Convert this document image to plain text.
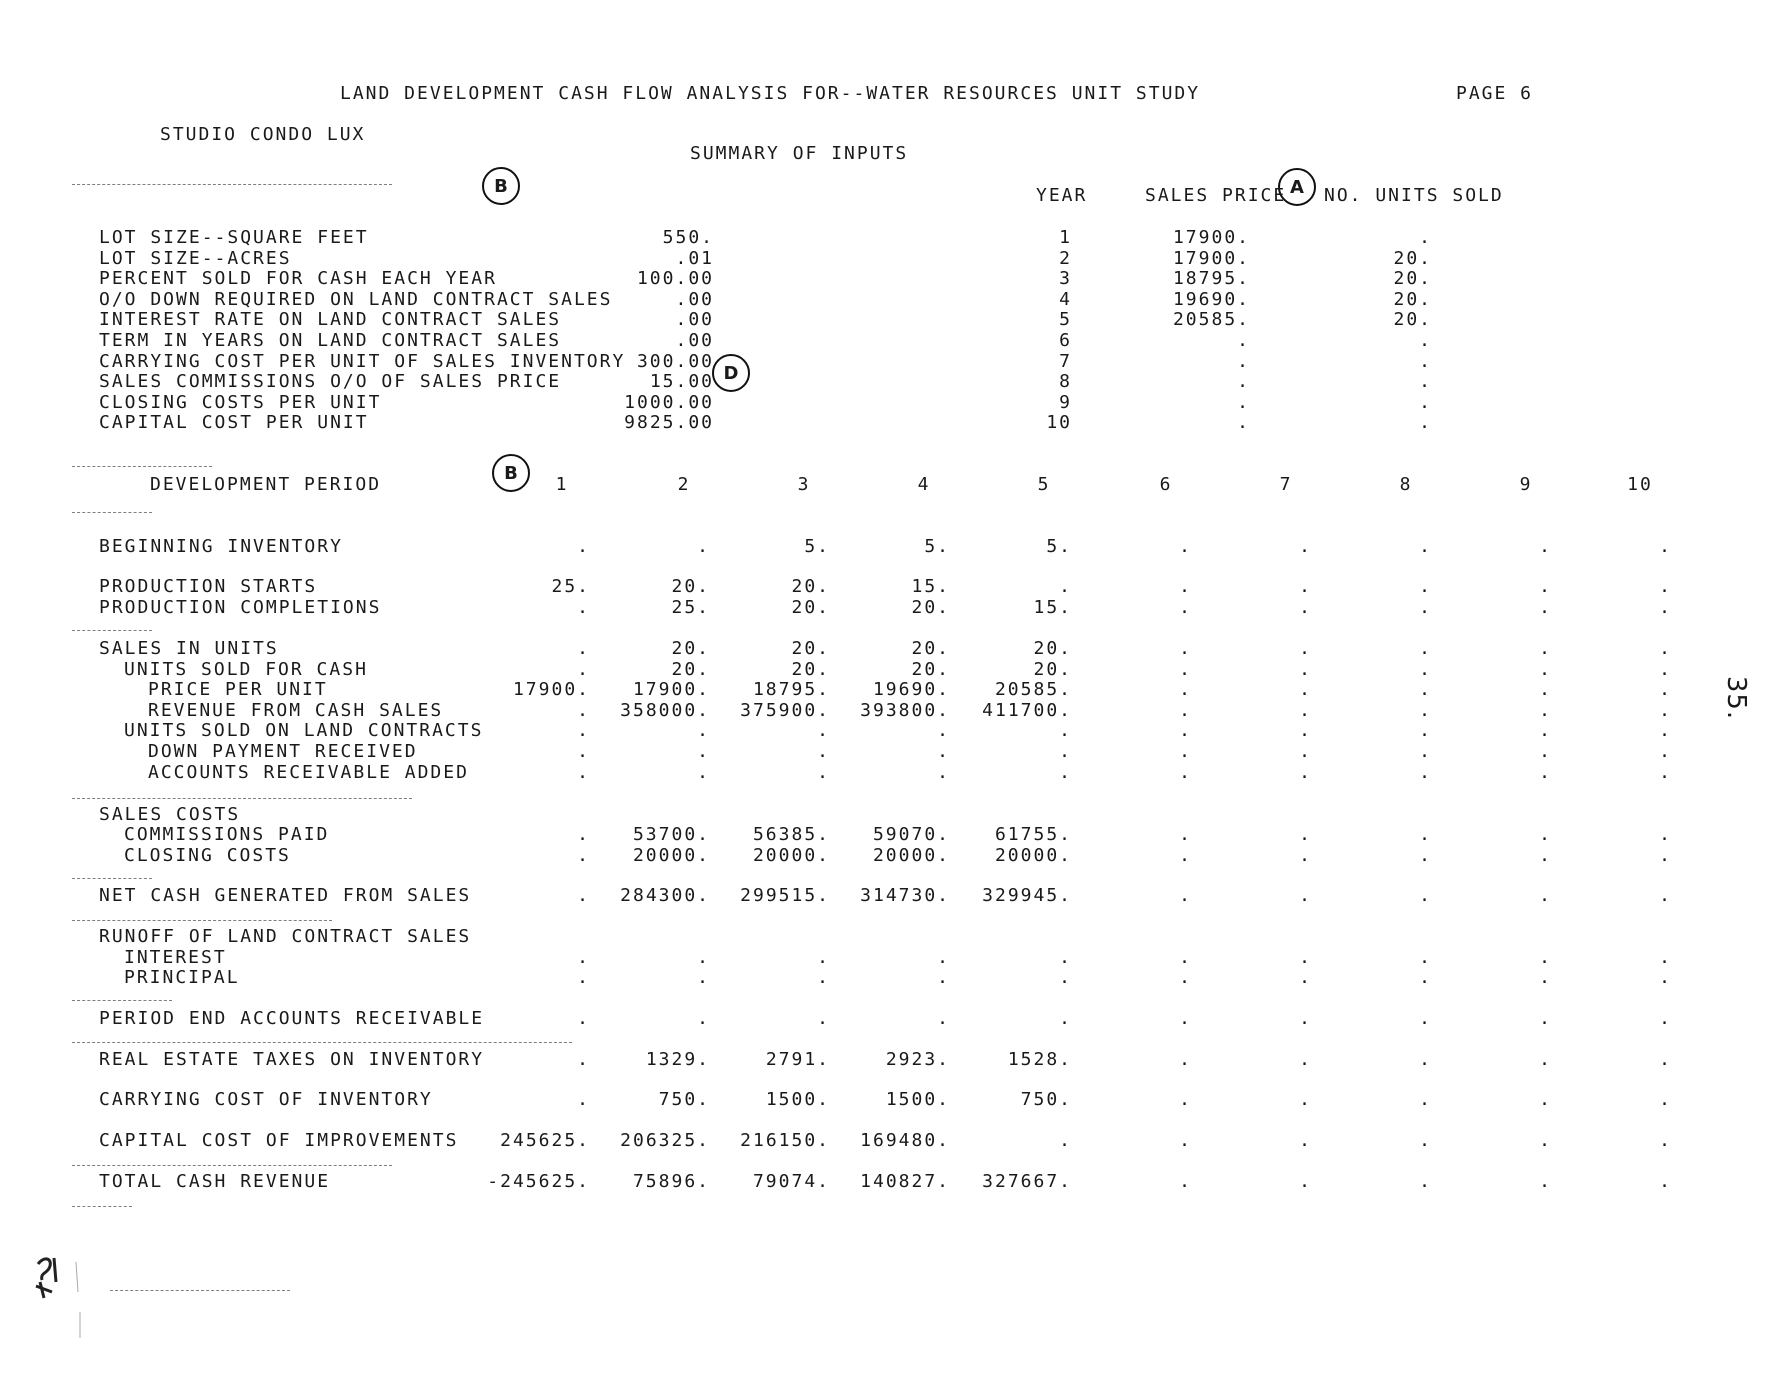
LAND DEVELOPMENT CASH FLOW ANALYSIS FOR--WATER RESOURCES UNIT STUDY	PAGE 6
STUDIO CONDO LUX
SUMMARY OF INPUTS
B	A
D
B
YEAR	SALES PRICE NO. UNITS SOLD
LOT SIZE--SQUARE FEET	550.
LOT SIZE--ACRES	.01
PERCENT SOLD FOR CASH EACH YEAR	100.00
O/O DOWN REQUIRED ON LAND CONTRACT SALES	.00
INTEREST RATE ON LAND CONTRACT SALES	.00
TERM IN YEARS ON LAND CONTRACT SALES	.00
CARRYING COST PER UNIT OF SALES INVENTORY 300.00
SALES COMMISSIONS O/O OF SALES PRICE	15.00
CLOSING COSTS PER UNIT	1000.00
CAPITAL COST PER UNIT	9825.00
1	17900.	.
2	17900.	20.
3	18795.	20.
4	19690.	20.
5	20585.	20.
6	.	.
7	.	.
8	.	.
9	.	.
10	.	.
DEVELOPMENT PERIOD	1	2	3	4	5	6	7	8	9	10
BEGINNING INVENTORY	.	.	5.	5.	5.	.	.	.	.	.
PRODUCTION STARTS	25.	20.	20.	15.	.	.	.	.	.	.
PRODUCTION COMPLETIONS	.	25.	20.	20.	15.	.	.	.	.	.
SALES IN UNITS	.	20.	20.	20.	20.	.	.	.	.	.
UNITS SOLD FOR CASH	.	20.	20.	20.	20.	.	.	.	.	.
PRICE PER UNIT	17900.	17900.	18795.	19690.	20585.	.	.	.	.	.
REVENUE FROM CASH SALES	.	358000.	375900.	393800.	411700.	.	.	.	.	.
UNITS SOLD ON LAND CONTRACTS	.	.	.	.	.	.	.	.	.	.
DOWN PAYMENT RECEIVED	.	.	.	.	.	.	.	.	.	.
ACCOUNTS RECEIVABLE ADDED	.	.	.	.	.	.	.	.	.	.
SALES COSTS
COMMISSIONS PAID	.	53700.	56385.	59070.	61755.	.	.	.	.	.
CLOSING COSTS	.	20000.	20000.	20000.	20000.	.	.	.	.	.
NET CASH GENERATED FROM SALES	.	284300.	299515.	314730.	329945.	.	.	.	.	.
RUNOFF OF LAND CONTRACT SALES
INTEREST	.	.	.	.	.	.	.	.	.	.
PRINCIPAL	.	.	.	.	.	.	.	.	.	.
PERIOD END ACCOUNTS RECEIVABLE	.	.	.	.	.	.	.	.	.	.
REAL ESTATE TAXES ON INVENTORY	.	1329.	2791.	2923.	1528.	.	.	.	.	.
CARRYING COST OF INVENTORY	.	750.	1500.	1500.	750.	.	.	.	.	.
CAPITAL COST OF IMPROVEMENTS	245625.	206325.	216150.	169480.	.	.	.	.	.	.
TOTAL CASH REVENUE	-245625.	75896.	79074.	140827.	327667.	.	.	.	.	.
35.
